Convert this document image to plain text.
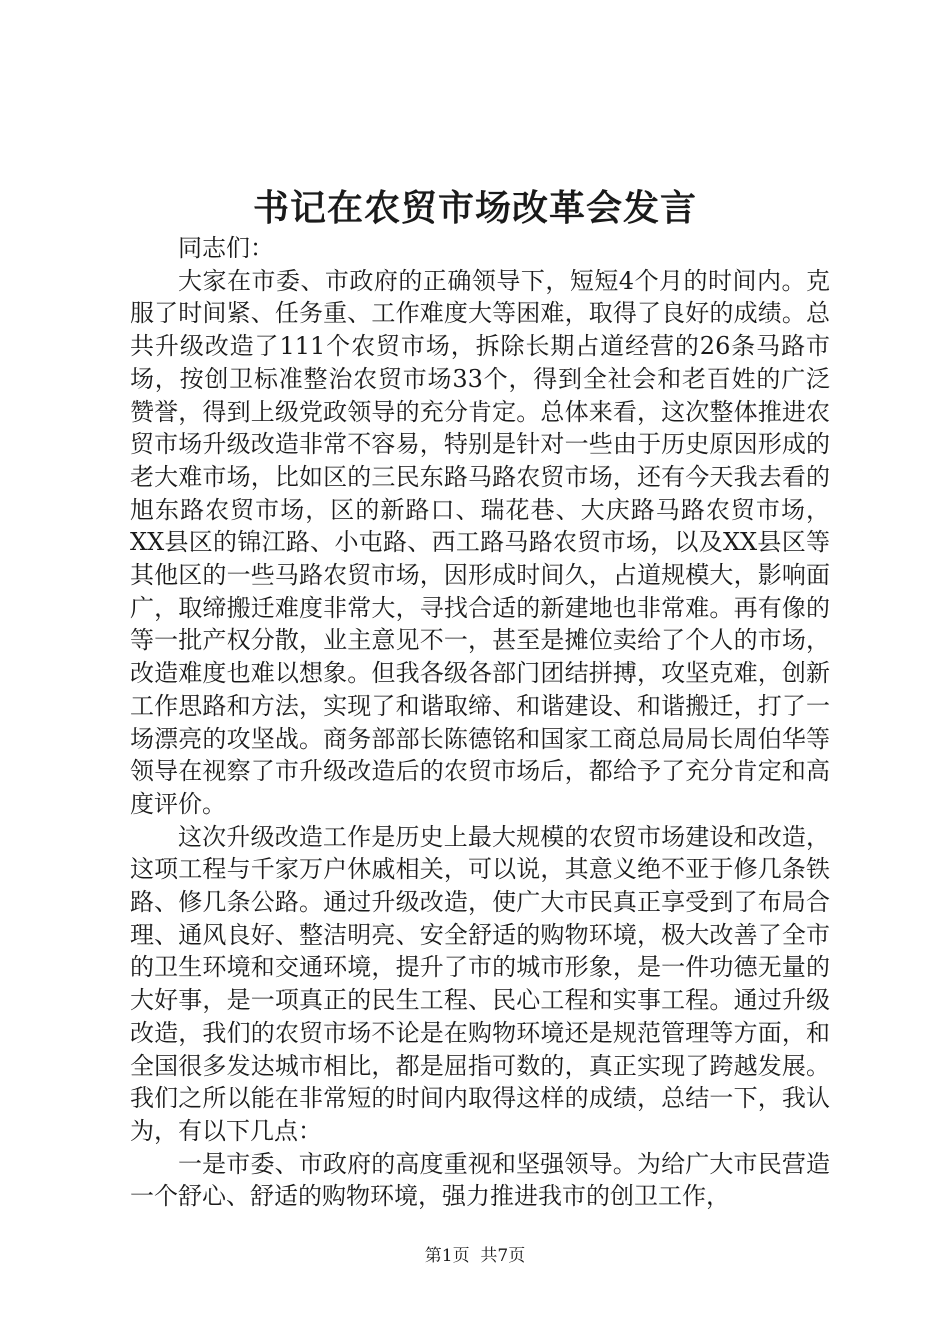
书记在农贸市场改革会发言

同志们：

大家在市委、市政府的正确领导下，短短4个月的时间内。克服了时间紧、任务重、工作难度大等困难，取得了良好的成绩。总共升级改造了111个农贸市场，拆除长期占道经营的26条马路市场，按创卫标准整治农贸市场33个，得到全社会和老百姓的广泛赞誉，得到上级党政领导的充分肯定。总体来看，这次整体推进农贸市场升级改造非常不容易，特别是针对一些由于历史原因形成的老大难市场，比如区的三民东路马路农贸市场，还有今天我去看的旭东路农贸市场，区的新路口、瑞花巷、大庆路马路农贸市场，XX县区的锦江路、小屯路、西工路马路农贸市场，以及XX县区等其他区的一些马路农贸市场，因形成时间久，占道规模大，影响面广，取缔搬迁难度非常大，寻找合适的新建地也非常难。再有像的等一批产权分散，业主意见不一，甚至是摊位卖给了个人的市场，改造难度也难以想象。但我各级各部门团结拼搏，攻坚克难，创新工作思路和方法，实现了和谐取缔、和谐建设、和谐搬迁，打了一场漂亮的攻坚战。商务部部长陈德铭和国家工商总局局长周伯华等领导在视察了市升级改造后的农贸市场后，都给予了充分肯定和高度评价。

这次升级改造工作是历史上最大规模的农贸市场建设和改造，这项工程与千家万户休戚相关，可以说，其意义绝不亚于修几条铁路、修几条公路。通过升级改造，使广大市民真正享受到了布局合理、通风良好、整洁明亮、安全舒适的购物环境，极大改善了全市的卫生环境和交通环境，提升了市的城市形象，是一件功德无量的大好事，是一项真正的民生工程、民心工程和实事工程。通过升级改造，我们的农贸市场不论是在购物环境还是规范管理等方面，和全国很多发达城市相比，都是屈指可数的，真正实现了跨越发展。我们之所以能在非常短的时间内取得这样的成绩，总结一下，我认为，有以下几点：

一是市委、市政府的高度重视和坚强领导。为给广大市民营造一个舒心、舒适的购物环境，强力推进我市的创卫工作，

第1页  共7页
